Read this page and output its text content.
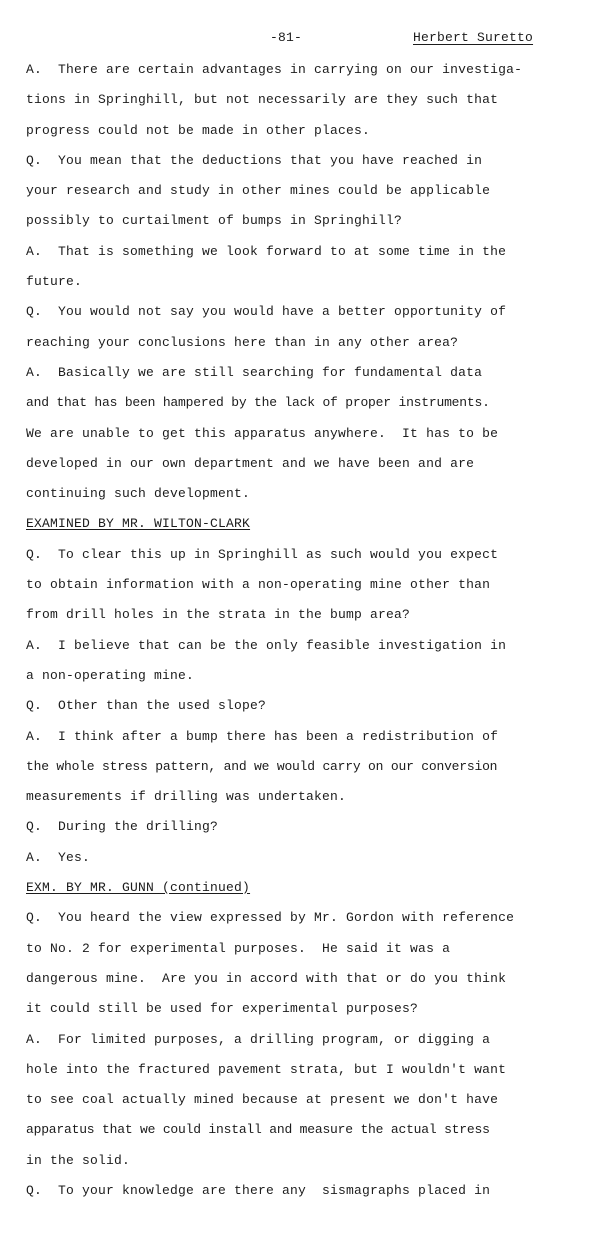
-81-	Herbert Suretto
A.  There are certain advantages in carrying on our investiga-
tions in Springhill, but not necessarily are they such that
progress could not be made in other places.
Q.  You mean that the deductions that you have reached in
your research and study in other mines could be applicable
possibly to curtailment of bumps in Springhill?
A.  That is something we look forward to at some time in the
future.
Q.  You would not say you would have a better opportunity of
reaching your conclusions here than in any other area?
A.  Basically we are still searching for fundamental data
and that has been hampered by the lack of proper instruments.
We are unable to get this apparatus anywhere.  It has to be
developed in our own department and we have been and are
continuing such development.
EXAMINED BY MR. WILTON-CLARK
Q.  To clear this up in Springhill as such would you expect
to obtain information with a non-operating mine other than
from drill holes in the strata in the bump area?
A.  I believe that can be the only feasible investigation in
a non-operating mine.
Q.  Other than the used slope?
A.  I think after a bump there has been a redistribution of
the whole stress pattern, and we would carry on our conversion
measurements if drilling was undertaken.
Q.  During the drilling?
A.  Yes.
EXM. BY MR. GUNN (continued)
Q.  You heard the view expressed by Mr. Gordon with reference
to No. 2 for experimental purposes.  He said it was a
dangerous mine.  Are you in accord with that or do you think
it could still be used for experimental purposes?
A.  For limited purposes, a drilling program, or digging a
hole into the fractured pavement strata, but I wouldn't want
to see coal actually mined because at present we don't have
apparatus that we could install and measure the actual stress
in the solid.
Q.  To your knowledge are there any  sismagraphs placed in
